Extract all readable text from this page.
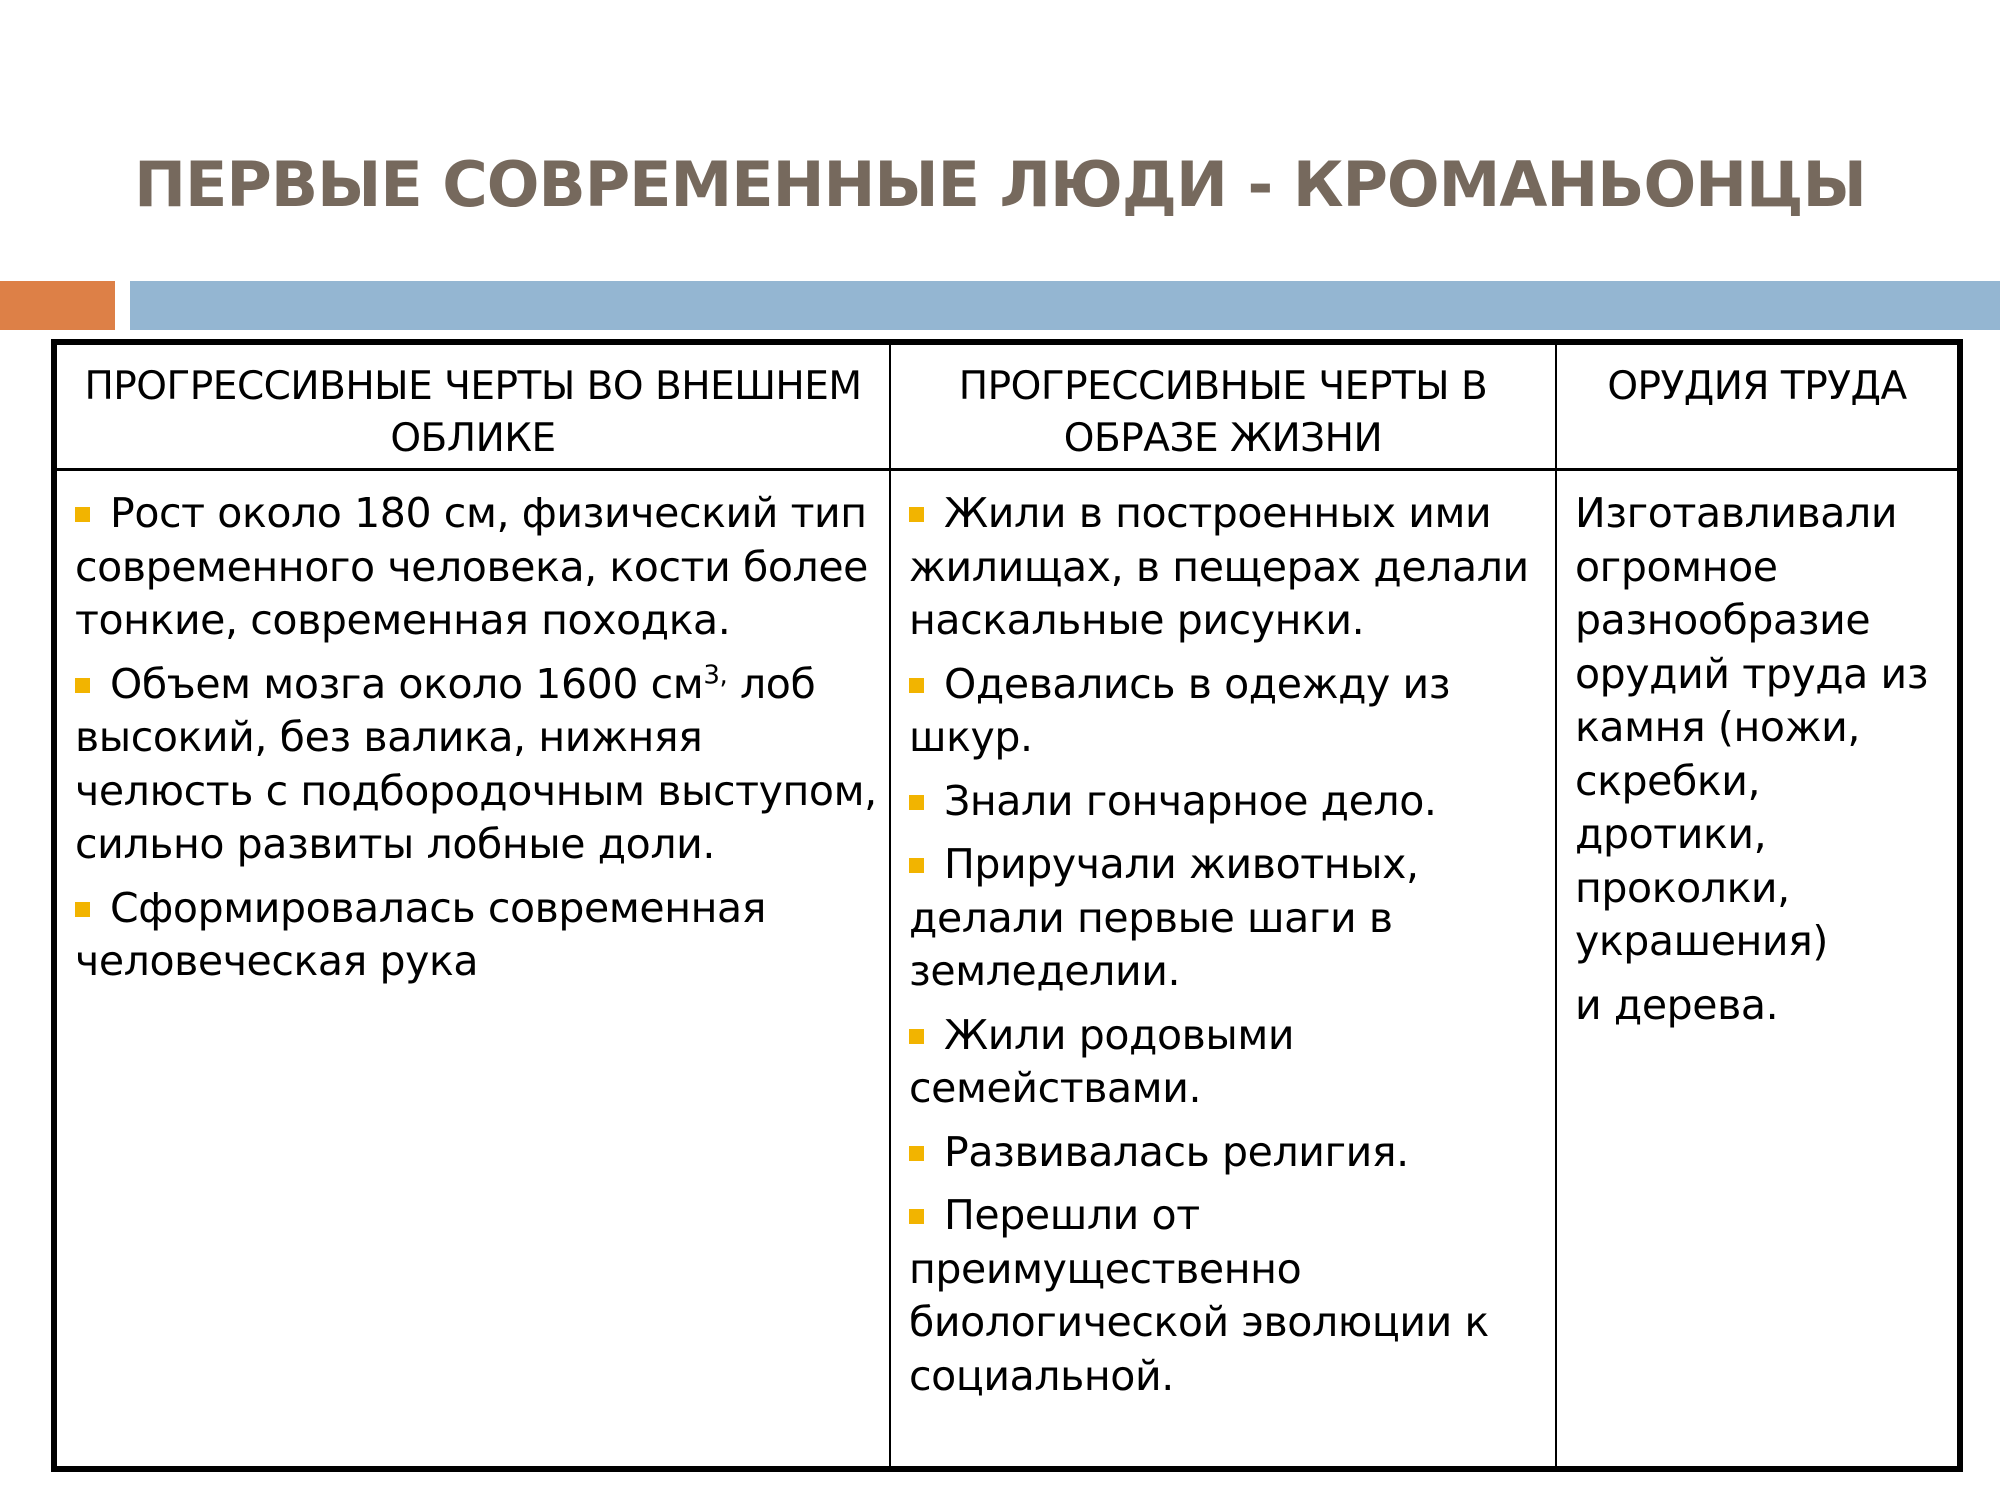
ПЕРВЫЕ СОВРЕМЕННЫЕ ЛЮДИ - КРОМАНЬОНЦЫ
ПРОГРЕССИВНЫЕ ЧЕРТЫ ВО ВНЕШНЕМ ОБЛИКЕ
ПРОГРЕССИВНЫЕ ЧЕРТЫ В ОБРАЗЕ ЖИЗНИ
ОРУДИЯ ТРУДА
Рост около 180 см, физический тип современного человека, кости более тонкие, современная походка.
Объем мозга около 1600 $см^{3,}$ лоб высокий, без валика, нижняя челюсть с подбородочным выступом, сильно развиты лобные доли.
Сформировалась современная человеческая рука
Жили в построенных ими жилищах, в пещерах делали наскальные рисунки.
Одевались в одежду из шкур.
Знали гончарное дело.
Приручали животных, делали первые шаги в земледелии.
Жили родовыми семействами.
Развивалась религия.
Перешли от преимущественно биологической эволюции к социальной.
Изготавливали огромное разнообразие орудий труда из камня (ножи, скребки, дротики, проколки, украшения)
и дерева.
